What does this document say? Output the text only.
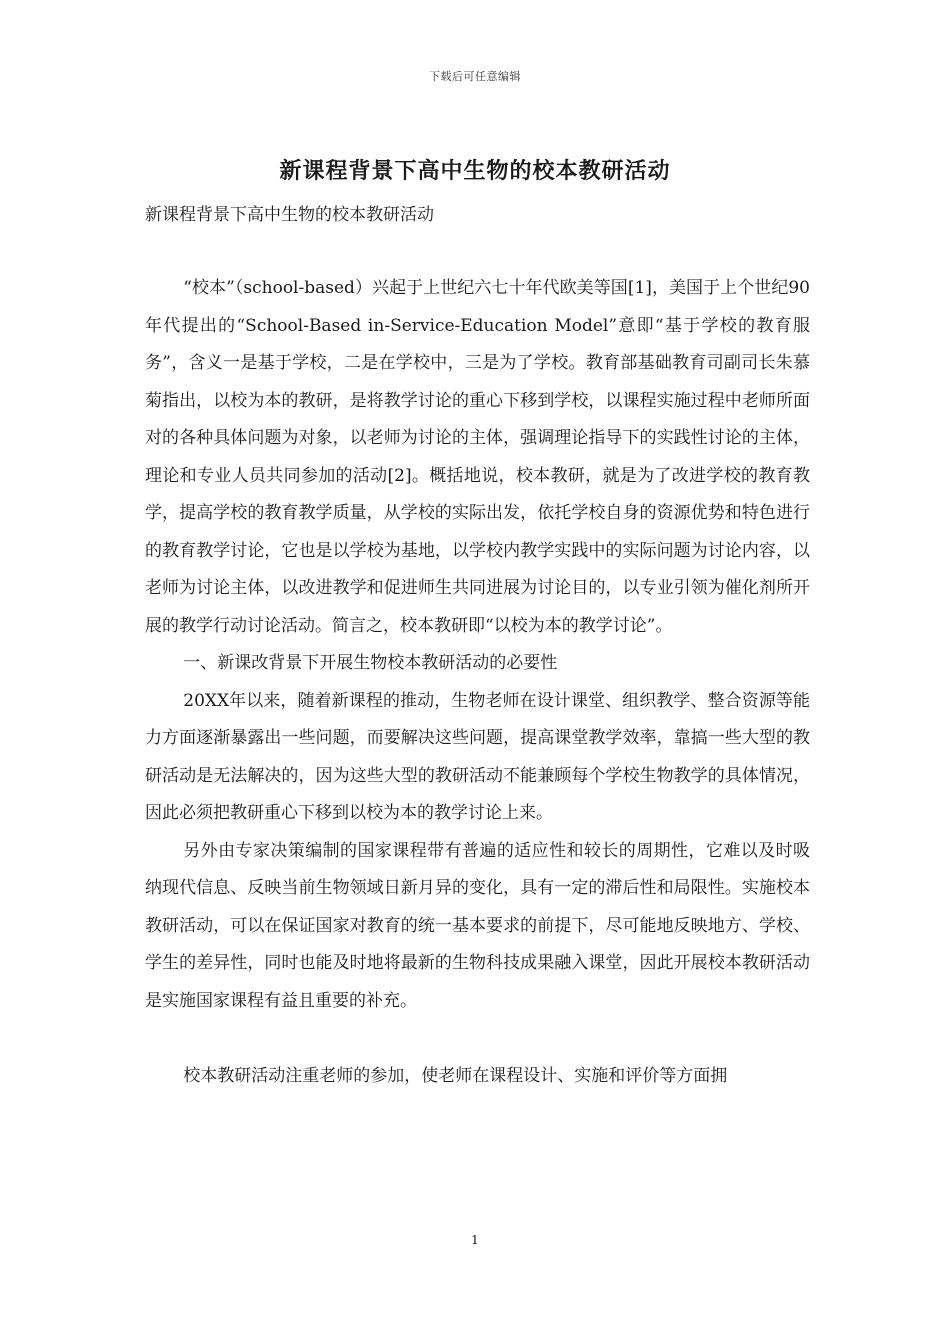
下载后可任意编辑
新课程背景下高中生物的校本教研活动

新课程背景下高中生物的校本教研活动

“校本”（school-based）兴起于上世纪六七十年代欧美等国[1]，美国于上个世纪90年代提出的“School-Based in-Service-Education Model”意即“基于学校的教育服务”，含义一是基于学校，二是在学校中，三是为了学校。教育部基础教育司副司长朱慕菊指出，以校为本的教研，是将教学讨论的重心下移到学校，以课程实施过程中老师所面对的各种具体问题为对象，以老师为讨论的主体，强调理论指导下的实践性讨论的主体，理论和专业人员共同参加的活动[2]。概括地说，校本教研，就是为了改进学校的教育教学，提高学校的教育教学质量，从学校的实际出发，依托学校自身的资源优势和特色进行的教育教学讨论，它也是以学校为基地，以学校内教学实践中的实际问题为讨论内容，以老师为讨论主体，以改进教学和促进师生共同进展为讨论目的，以专业引领为催化剂所开展的教学行动讨论活动。简言之，校本教研即“以校为本的教学讨论”。

一、新课改背景下开展生物校本教研活动的必要性

20XX年以来，随着新课程的推动，生物老师在设计课堂、组织教学、整合资源等能力方面逐渐暴露出一些问题，而要解决这些问题，提高课堂教学效率，靠搞一些大型的教研活动是无法解决的，因为这些大型的教研活动不能兼顾每个学校生物教学的具体情况，因此必须把教研重心下移到以校为本的教学讨论上来。

另外由专家决策编制的国家课程带有普遍的适应性和较长的周期性，它难以及时吸纳现代信息、反映当前生物领域日新月异的变化，具有一定的滞后性和局限性。实施校本教研活动，可以在保证国家对教育的统一基本要求的前提下，尽可能地反映地方、学校、学生的差异性，同时也能及时地将最新的生物科技成果融入课堂，因此开展校本教研活动是实施国家课程有益且重要的补充。

校本教研活动注重老师的参加，使老师在课程设计、实施和评价等方面拥

1
